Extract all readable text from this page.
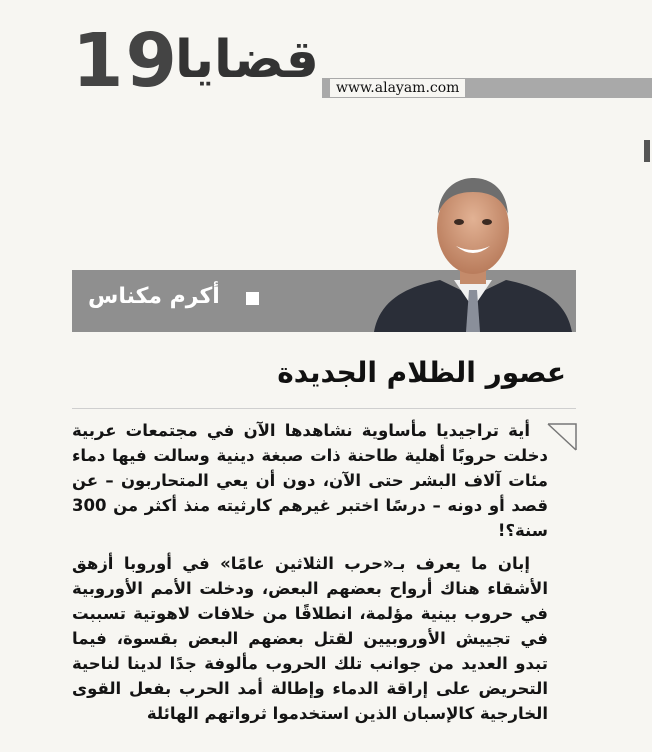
19
قضايا	www.alayam.com
أكرم مكناس
عصور الظلام الجديدة

أية تراجيديا مأساوية نشاهدها الآن في مجتمعات عربية دخلت حروبًا أهلية طاحنة ذات صبغة دينية وسالت فيها دماء مئات آلاف البشر حتى الآن، دون أن يعي المتحاربون – عن قصد أو دونه – درسًا اختبر غيرهم كارثيته منذ أكثر من 300 سنة؟!

إبان ما يعرف بـ«حرب الثلاثين عامًا» في أوروبا أزهق الأشقاء هناك أرواح بعضهم البعض، ودخلت الأمم الأوروبية في حروب بينية مؤلمة، انطلاقًا من خلافات لاهوتية تسببت في تجييش الأوروبيين لقتل بعضهم البعض بقسوة، فيما تبدو العديد من جوانب تلك الحروب مألوفة جدًا لدينا لناحية التحريض على إراقة الدماء وإطالة أمد الحرب بفعل القوى الخارجية كالإسبان الذين استخدموا ثرواتهم الهائلة
